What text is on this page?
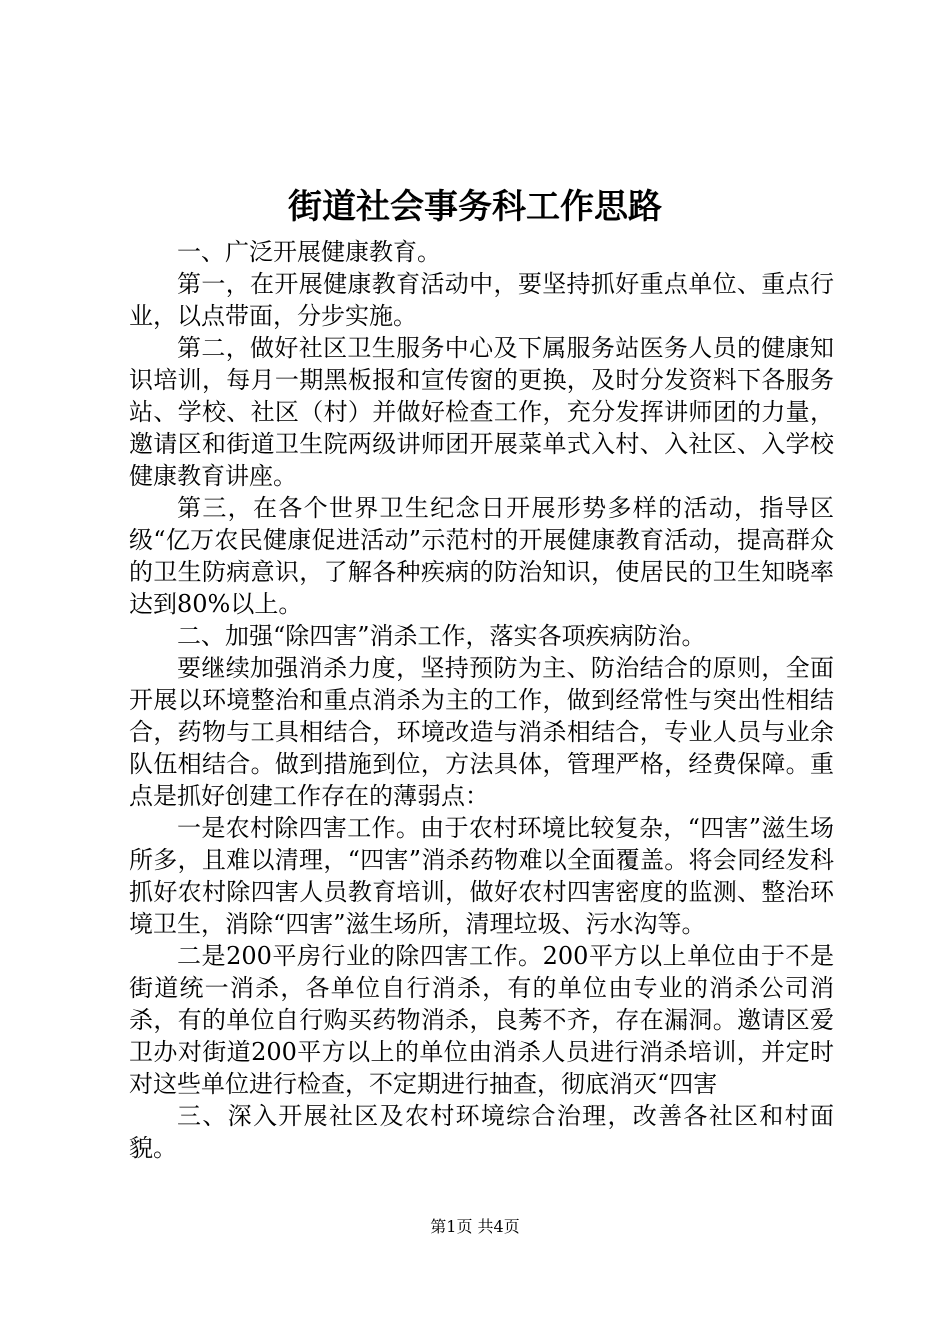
街道社会事务科工作思路

一、广泛开展健康教育。

第一，在开展健康教育活动中，要坚持抓好重点单位、重点行业，以点带面，分步实施。

第二，做好社区卫生服务中心及下属服务站医务人员的健康知识培训，每月一期黑板报和宣传窗的更换，及时分发资料下各服务站、学校、社区（村）并做好检查工作，充分发挥讲师团的力量，邀请区和街道卫生院两级讲师团开展菜单式入村、入社区、入学校健康教育讲座。

第三，在各个世界卫生纪念日开展形势多样的活动，指导区级“亿万农民健康促进活动”示范村的开展健康教育活动，提高群众的卫生防病意识，了解各种疾病的防治知识，使居民的卫生知晓率达到80%以上。

二、加强“除四害”消杀工作，落实各项疾病防治。

要继续加强消杀力度，坚持预防为主、防治结合的原则，全面开展以环境整治和重点消杀为主的工作，做到经常性与突出性相结合，药物与工具相结合，环境改造与消杀相结合，专业人员与业余队伍相结合。做到措施到位，方法具体，管理严格，经费保障。重点是抓好创建工作存在的薄弱点：

一是农村除四害工作。由于农村环境比较复杂，“四害”滋生场所多，且难以清理，“四害”消杀药物难以全面覆盖。将会同经发科抓好农村除四害人员教育培训，做好农村四害密度的监测、整治环境卫生，消除“四害”滋生场所，清理垃圾、污水沟等。

二是200平房行业的除四害工作。200平方以上单位由于不是街道统一消杀，各单位自行消杀，有的单位由专业的消杀公司消杀，有的单位自行购买药物消杀，良莠不齐，存在漏洞。邀请区爱卫办对街道200平方以上的单位由消杀人员进行消杀培训，并定时对这些单位进行检查，不定期进行抽查，彻底消灭“四害

三、深入开展社区及农村环境综合治理，改善各社区和村面貌。

第1页 共4页
